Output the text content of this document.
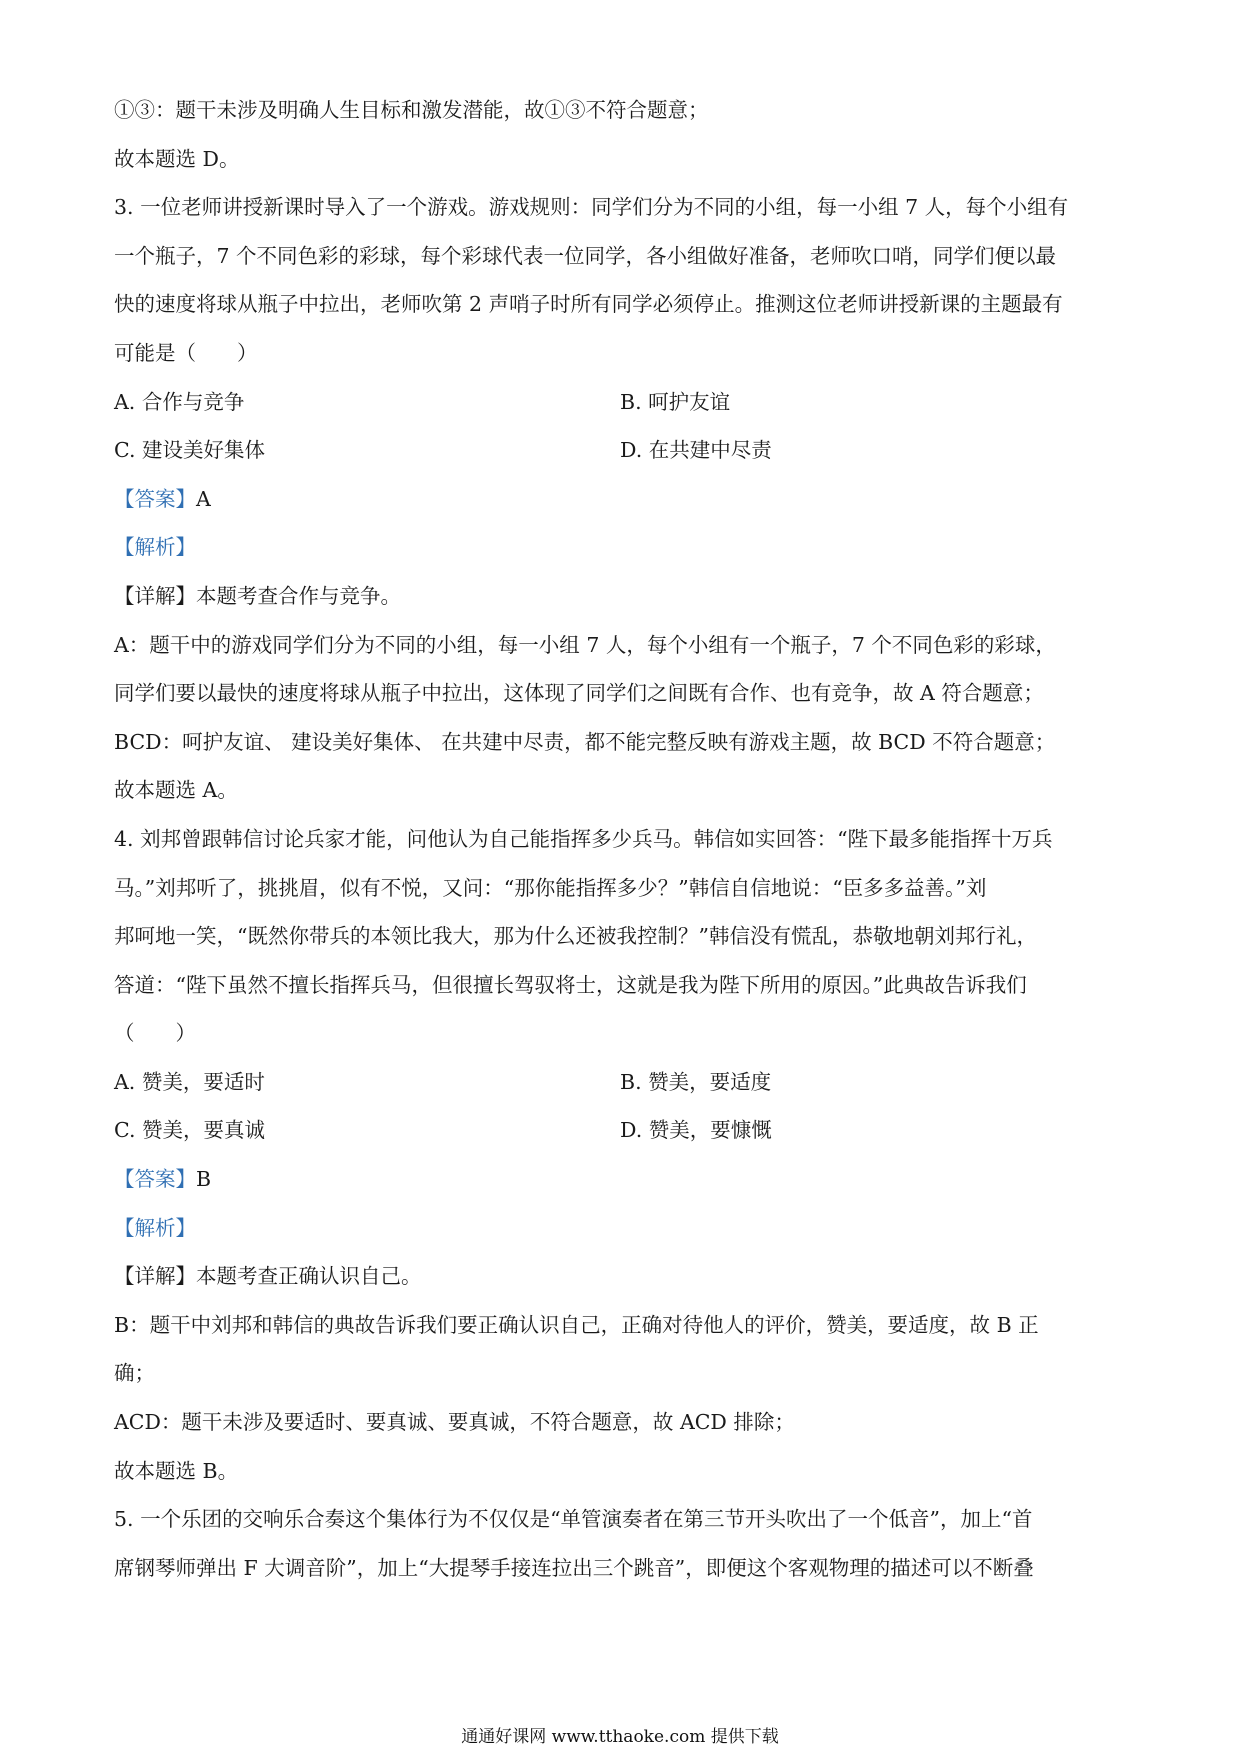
①③：题干未涉及明确人生目标和激发潜能，故①③不符合题意；
故本题选 D。
3. 一位老师讲授新课时导入了一个游戏。游戏规则：同学们分为不同的小组，每一小组 7 人，每个小组有
一个瓶子，7 个不同色彩的彩球，每个彩球代表一位同学，各小组做好准备，老师吹口哨，同学们便以最
快的速度将球从瓶子中拉出，老师吹第 2 声哨子时所有同学必须停止。推测这位老师讲授新课的主题最有
可能是（　　）
A. 合作与竞争	B. 呵护友谊
C. 建设美好集体	D. 在共建中尽责
【答案】A
【解析】
【详解】本题考查合作与竞争。
A：题干中的游戏同学们分为不同的小组，每一小组 7 人，每个小组有一个瓶子，7 个不同色彩的彩球，
同学们要以最快的速度将球从瓶子中拉出，这体现了同学们之间既有合作、也有竞争，故 A 符合题意；
BCD：呵护友谊、 建设美好集体、 在共建中尽责，都不能完整反映有游戏主题，故 BCD 不符合题意；
故本题选 A。
4. 刘邦曾跟韩信讨论兵家才能，问他认为自己能指挥多少兵马。韩信如实回答：“陛下最多能指挥十万兵
马。”刘邦听了，挑挑眉，似有不悦，又问：“那你能指挥多少？”韩信自信地说：“臣多多益善。”刘
邦呵地一笑，“既然你带兵的本领比我大，那为什么还被我控制？”韩信没有慌乱，恭敬地朝刘邦行礼，
答道：“陛下虽然不擅长指挥兵马，但很擅长驾驭将士，这就是我为陛下所用的原因。”此典故告诉我们
（　　）
A. 赞美，要适时	B. 赞美，要适度
C. 赞美，要真诚	D. 赞美，要慷慨
【答案】B
【解析】
【详解】本题考查正确认识自己。
B：题干中刘邦和韩信的典故告诉我们要正确认识自己，正确对待他人的评价，赞美，要适度，故 B 正
确；
ACD：题干未涉及要适时、要真诚、要真诚，不符合题意，故 ACD 排除；
故本题选 B。
5. 一个乐团的交响乐合奏这个集体行为不仅仅是“单管演奏者在第三节开头吹出了一个低音”，加上“首
席钢琴师弹出 F 大调音阶”，加上“大提琴手接连拉出三个跳音”，即便这个客观物理的描述可以不断叠
通通好课网 www.tthaoke.com 提供下载
